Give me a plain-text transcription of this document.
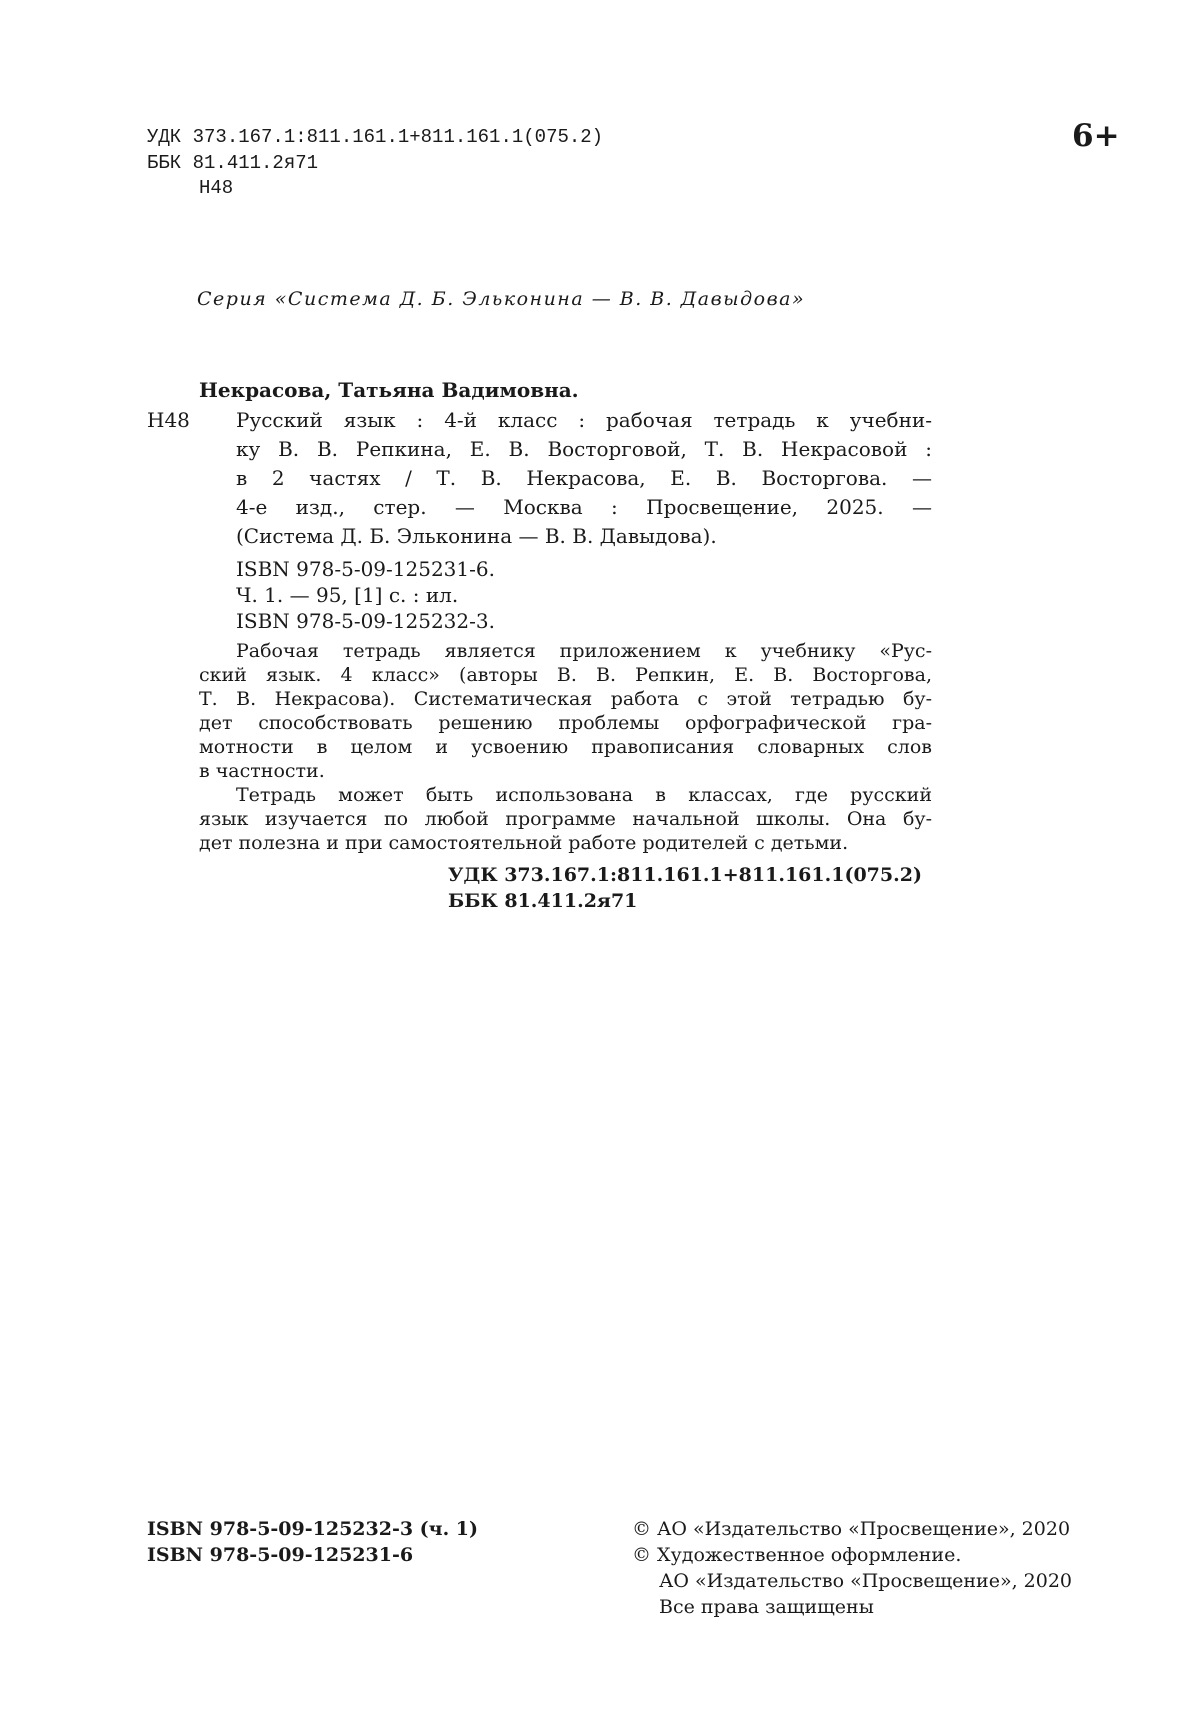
УДК 373.167.1:811.161.1+811.161.1(075.2)
ББК 81.411.2я71
Н48
6+
Серия «Система Д. Б. Эльконина — В. В. Давыдова»
Некрасова, Татьяна Вадимовна.
Н48 Русский язык : 4-й класс : рабочая тетрадь к учебни-
ку В. В. Репкина, Е. В. Восторговой, Т. В. Некрасовой :
в 2 частях / Т. В. Некрасова, Е. В. Восторгова. —
4-е изд., стер. — Москва : Просвещение, 2025. —
(Система Д. Б. Эльконина — В. В. Давыдова).
ISBN 978-5-09-125231-6.
Ч. 1. — 95, [1] с. : ил.
ISBN 978-5-09-125232-3.
Рабочая тетрадь является приложением к учебнику «Рус-
ский язык. 4 класс» (авторы В. В. Репкин, Е. В. Восторгова,
Т. В. Некрасова). Систематическая работа с этой тетрадью бу-
дет способствовать решению проблемы орфографической гра-
мотности в целом и усвоению правописания словарных слов
в частности.
Тетрадь может быть использована в классах, где русский
язык изучается по любой программе начальной школы. Она бу-
дет полезна и при самостоятельной работе родителей с детьми.
УДК 373.167.1:811.161.1+811.161.1(075.2)
ББК 81.411.2я71
ISBN 978-5-09-125232-3 (ч. 1)
ISBN 978-5-09-125231-6
© АО «Издательство «Просвещение», 2020
© Художественное оформление.
АО «Издательство «Просвещение», 2020
Все права защищены
